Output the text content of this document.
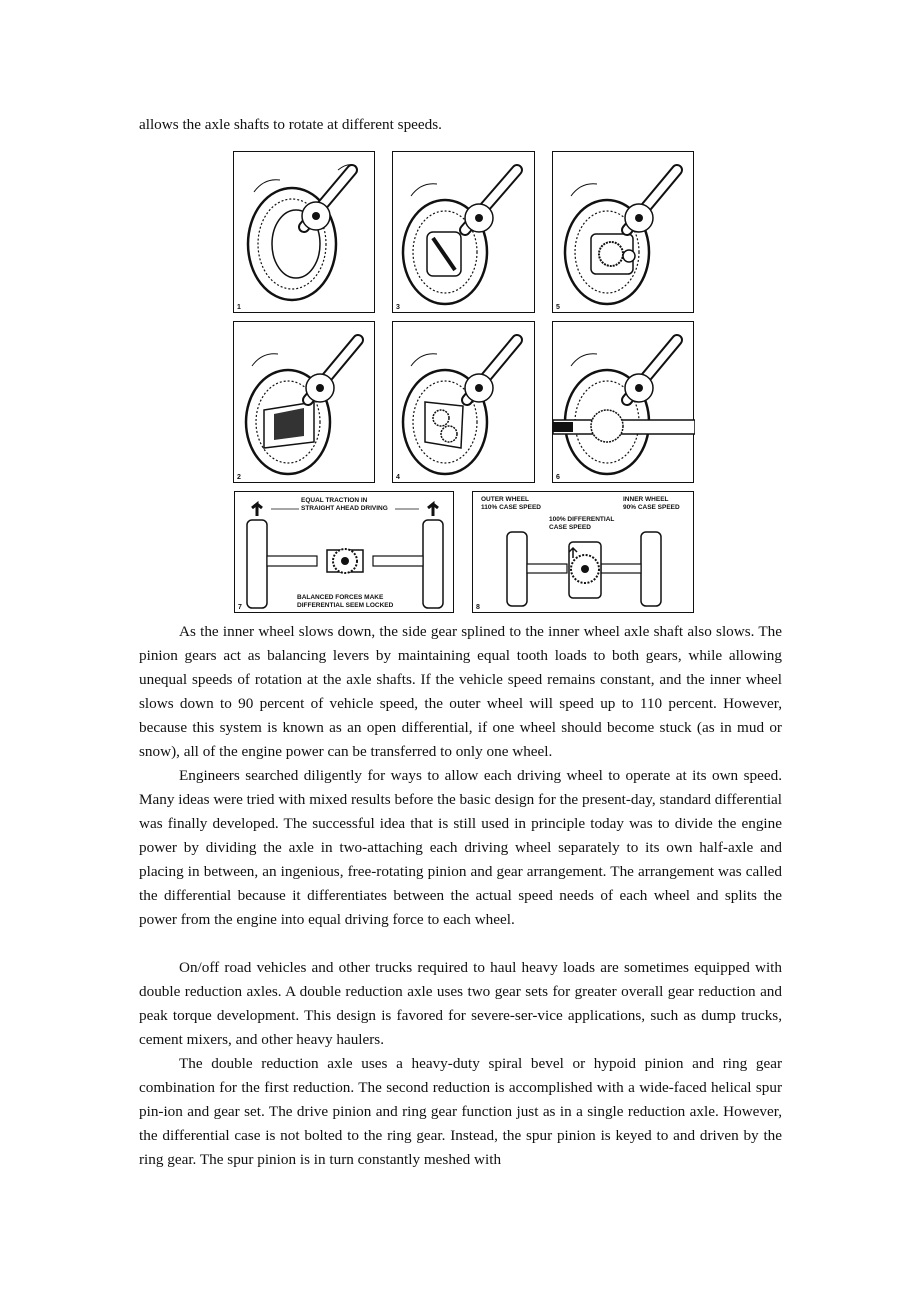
allows the axle shafts to rotate at different speeds.
1	3	5
2	4	6
EQUAL TRACTION IN
STRAIGHT AHEAD DRIVING
BALANCED FORCES MAKE
DIFFERENTIAL SEEM LOCKED
7
OUTER WHEEL
110% CASE SPEED
INNER WHEEL
90% CASE SPEED
100% DIFFERENTIAL
CASE SPEED
8

As the inner wheel slows down, the side gear splined to the inner wheel axle shaft also slows. The pinion gears act as balancing levers by maintaining equal tooth loads to both gears, while allowing unequal speeds of rotation at the axle shafts. If the vehicle speed remains constant, and the inner wheel slows down to 90 percent of vehicle speed, the outer wheel will speed up to 110 percent. However, because this system is known as an open differential, if one wheel should become stuck (as in mud or snow), all of the engine power can be transferred to only one wheel.

Engineers searched diligently for ways to allow each driving wheel to operate at its own speed. Many ideas were tried with mixed results before the basic design for the present-day, standard differential was finally developed. The successful idea that is still used in principle today was to divide the engine power by dividing the axle in two-attaching each driving wheel separately to its own half-axle and placing in between, an ingenious, free-rotating pinion and gear arrangement. The arrangement was called the differential because it differentiates between the actual speed needs of each wheel and splits the power from the engine into equal driving force to each wheel.

On/off road vehicles and other trucks required to haul heavy loads are sometimes equipped with double reduction axles. A double reduction axle uses two gear sets for greater overall gear reduction and peak torque development. This design is favored for severe-ser-vice applications, such as dump trucks, cement mixers, and other heavy haulers.

The double reduction axle uses a heavy-duty spiral bevel or hypoid pinion and ring gear combination for the first reduction. The second reduction is accomplished with a wide-faced helical spur pin-ion and gear set. The drive pinion and ring gear function just as in a single reduction axle. However, the differential case is not bolted to the ring gear. Instead, the spur pinion is keyed to and driven by the ring gear. The spur pinion is in turn constantly meshed with
